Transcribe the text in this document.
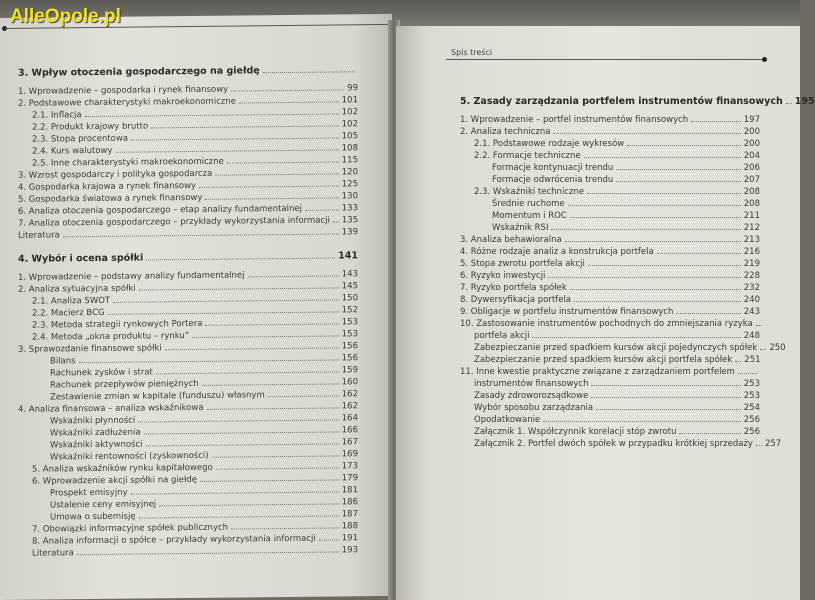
AlleOpole.pl
3. Wpływ otoczenia gospodarczego na giełdę
1. Wprowadzenie – gospodarka i rynek finansowy	99
2. Podstawowe charakterystyki makroekonomiczne	101
2.1. Inflacja	102
2.2. Produkt krajowy brutto	102
2.3. Stopa procentowa	105
2.4. Kurs walutowy	108
2.5. Inne charakterystyki makroekonomiczne	115
3. Wzrost gospodarczy i polityka gospodarcza	120
4. Gospodarka krajowa a rynek finansowy	125
5. Gospodarka światowa a rynek finansowy	130
6. Analiza otoczenia gospodarczego – etap analizy fundamentalnej	133
7. Analiza otoczenia gospodarczego – przykłady wykorzystania informacji 135
Literatura	139
4. Wybór i ocena spółki	141
1. Wprowadzenie – podstawy analizy fundamentalnej	143
2. Analiza sytuacyjna spółki	145
2.1. Analiza SWOT	150
2.2. Macierz BCG	152
2.3. Metoda strategii rynkowych Portera	153
2.4. Metoda „okna produktu – rynku”	153
3. Sprawozdanie finansowe spółki	156
Bilans	156
Rachunek zysków i strat	159
Rachunek przepływów pieniężnych	160
Zestawienie zmian w kapitale (funduszu) własnym	162
4. Analiza finansowa – analiza wskaźnikowa	162
Wskaźniki płynności	164
Wskaźniki zadłużenia	166
Wskaźniki aktywności	167
Wskaźniki rentowności (zyskowności)	169
5. Analiza wskaźników rynku kapitałowego	173
6. Wprowadzenie akcji spółki na giełdę	179
Prospekt emisyjny	181
Ustalenie ceny emisyjnej	186
Umowa o subemisję	187
7. Obowiązki informacyjne spółek publicznych	188
8. Analiza informacji o spółce – przykłady wykorzystania informacji	191
Literatura	193
Spis treści
5. Zasady zarządzania portfelem instrumentów finansowych 195
1. Wprowadzenie – portfel instrumentów finansowych	197
2. Analiza techniczna	200
2.1. Podstawowe rodzaje wykresów	200
2.2. Formacje techniczne	204
Formacje kontynuacji trendu	206
Formacje odwrócenia trendu	207
2.3. Wskaźniki techniczne	208
Średnie ruchome	208
Momentum i ROC	211
Wskaźnik RSI	212
3. Analiza behawioralna	213
4. Różne rodzaje analiz a konstrukcja portfela	216
5. Stopa zwrotu portfela akcji	219
6. Ryzyko inwestycji	228
7. Ryzyko portfela spółek	232
8. Dywersyfikacja portfela	240
9. Obligacje w portfelu instrumentów finansowych	243
10. Zastosowanie instrumentów pochodnych do zmniejszania ryzyka
portfela akcji	248
Zabezpieczanie przed spadkiem kursów akcji pojedynczych spółek 250
Zabezpieczanie przed spadkiem kursów akcji portfela spółek 251
11. Inne kwestie praktyczne związane z zarządzaniem portfelem
instrumentów finansowych	253
Zasady zdroworozsądkowe	253
Wybór sposobu zarządzania	254
Opodatkowanie	256
Załącznik 1. Współczynnik korelacji stóp zwrotu	256
Załącznik 2. Portfel dwóch spółek w przypadku krótkiej sprzedaży 257
